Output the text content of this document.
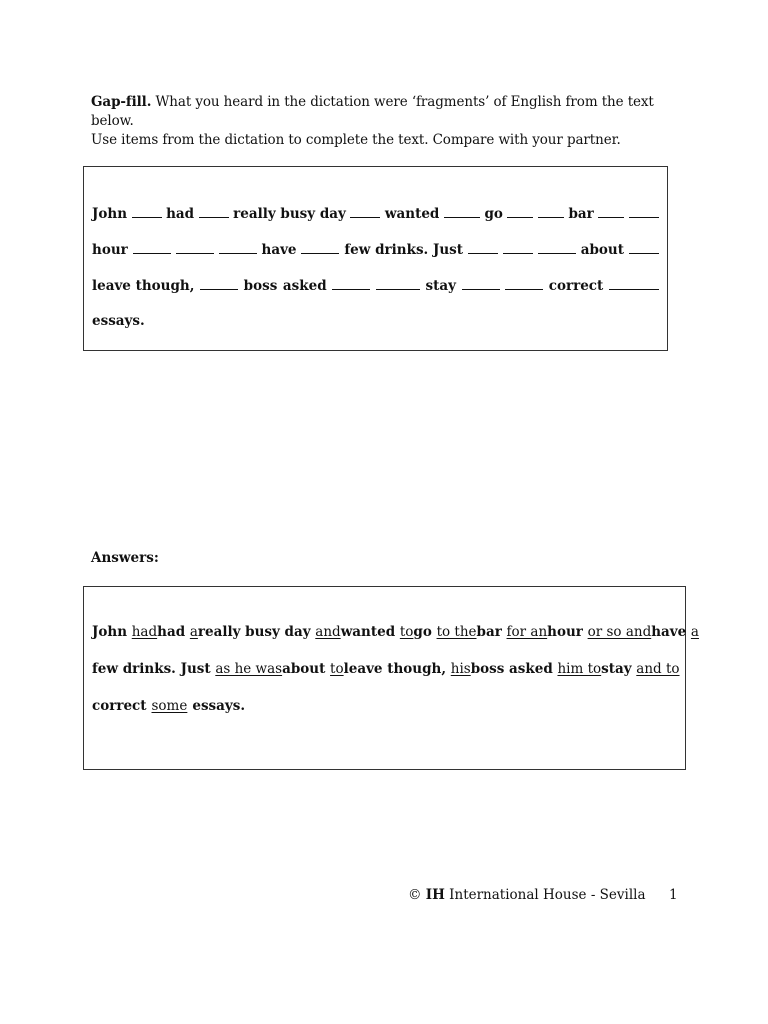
Gap-fill. What you heard in the dictation were ‘fragments’ of English from the text below.
Use items from the dictation to complete the text. Compare with your partner.
John	had	really busy day	wanted	go	bar
hour	have	few drinks. Just	about
leave though,	boss asked	stay	correct
essays.
Answers:
John had had a really busy day and wanted to go to the bar for an hour or so and have a
few drinks. Just as he was about to leave though, his boss asked him to stay and to
correct some essays.
© IH International House - Sevilla 1
